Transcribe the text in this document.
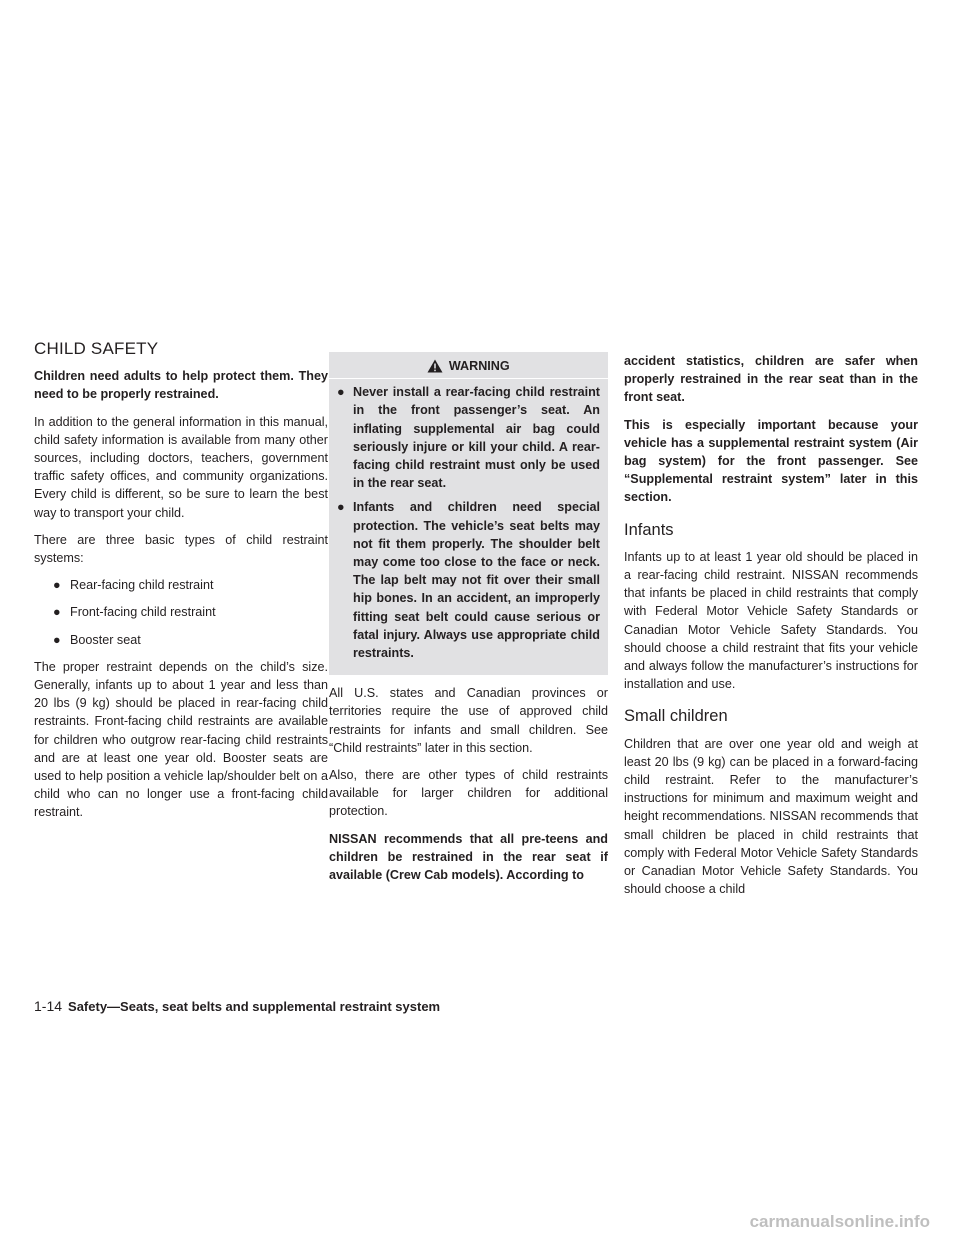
CHILD SAFETY

Children need adults to help protect them. They need to be properly restrained.

In addition to the general information in this manual, child safety information is available from many other sources, including doctors, teachers, government traffic safety offices, and community organizations. Every child is different, so be sure to learn the best way to transport your child.

There are three basic types of child restraint systems:

● Rear-facing child restraint
● Front-facing child restraint
● Booster seat

The proper restraint depends on the child’s size. Generally, infants up to about 1 year and less than 20 lbs (9 kg) should be placed in rear-facing child restraints. Front-facing child restraints are available for children who outgrow rear-facing child restraints and are at least one year old. Booster seats are used to help position a vehicle lap/shoulder belt on a child who can no longer use a front-facing child restraint.

WARNING
● Never install a rear-facing child restraint in the front passenger’s seat. An inflating supplemental air bag could seriously injure or kill your child. A rear-facing child restraint must only be used in the rear seat.
● Infants and children need special protection. The vehicle’s seat belts may not fit them properly. The shoulder belt may come too close to the face or neck. The lap belt may not fit over their small hip bones. In an accident, an improperly fitting seat belt could cause serious or fatal injury. Always use appropriate child restraints.

All U.S. states and Canadian provinces or territories require the use of approved child restraints for infants and small children. See “Child restraints” later in this section.

Also, there are other types of child restraints available for larger children for additional protection.

NISSAN recommends that all pre-teens and children be restrained in the rear seat if available (Crew Cab models). According to

accident statistics, children are safer when properly restrained in the rear seat than in the front seat.

This is especially important because your vehicle has a supplemental restraint system (Air bag system) for the front passenger. See “Supplemental restraint system” later in this section.

Infants

Infants up to at least 1 year old should be placed in a rear-facing child restraint. NISSAN recommends that infants be placed in child restraints that comply with Federal Motor Vehicle Safety Standards or Canadian Motor Vehicle Safety Standards. You should choose a child restraint that fits your vehicle and always follow the manufacturer’s instructions for installation and use.

Small children

Children that are over one year old and weigh at least 20 lbs (9 kg) can be placed in a forward-facing child restraint. Refer to the manufacturer’s instructions for minimum and maximum weight and height recommendations. NISSAN recommends that small children be placed in child restraints that comply with Federal Motor Vehicle Safety Standards or Canadian Motor Vehicle Safety Standards. You should choose a child

1-14 Safety—Seats, seat belts and supplemental restraint system
carmanualsonline.info
